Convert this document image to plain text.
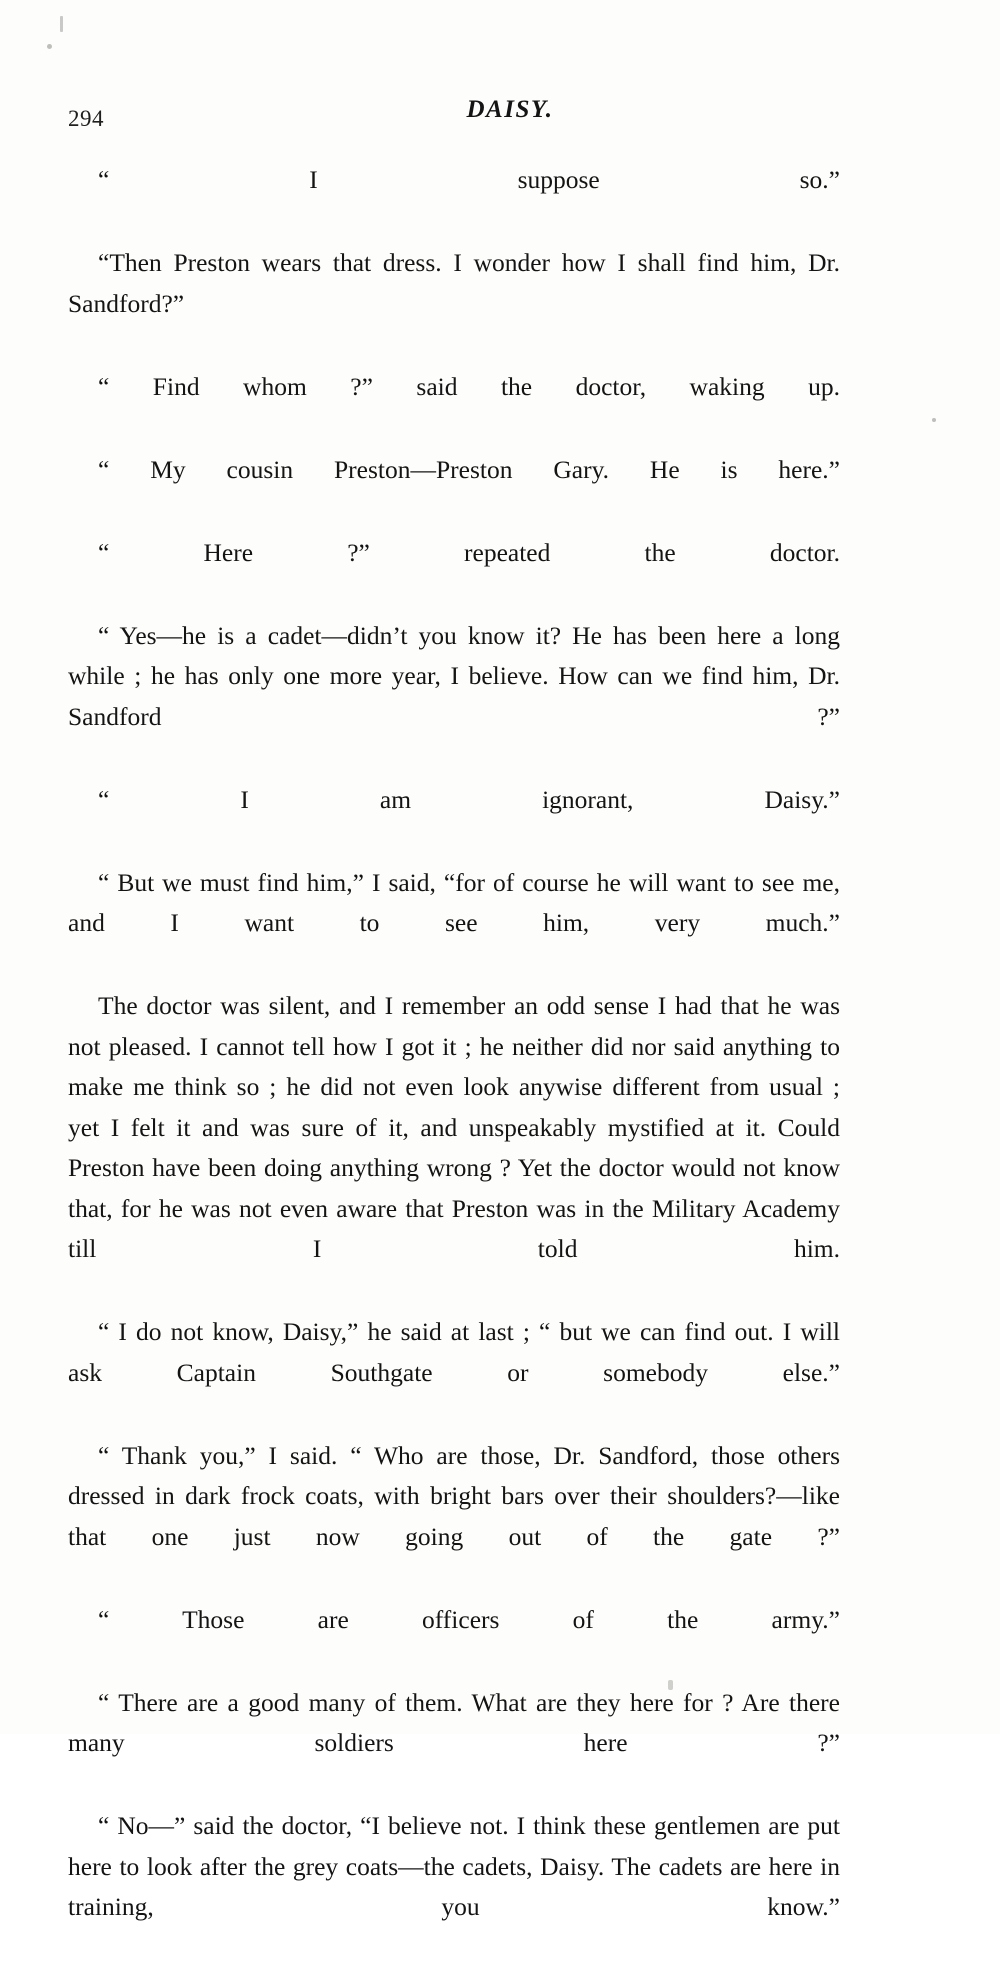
294	DAISY.

“ I suppose so.”

“Then Preston wears that dress. I wonder how I shall find him, Dr. Sandford?”

“ Find whom ?” said the doctor, waking up.

“ My cousin Preston—Preston Gary. He is here.”

“ Here ?” repeated the doctor.

“ Yes—he is a cadet—didn’t you know it? He has been here a long while ; he has only one more year, I believe. How can we find him, Dr. Sandford ?”

“ I am ignorant, Daisy.”

“ But we must find him,” I said, “for of course he will want to see me, and I want to see him, very much.”

The doctor was silent, and I remember an odd sense I had that he was not pleased. I cannot tell how I got it ; he neither did nor said anything to make me think so ; he did not even look anywise different from usual ; yet I felt it and was sure of it, and unspeakably mystified at it. Could Preston have been doing anything wrong ? Yet the doctor would not know that, for he was not even aware that Preston was in the Military Academy till I told him.

“ I do not know, Daisy,” he said at last ; “ but we can find out. I will ask Captain Southgate or somebody else.”

“ Thank you,” I said. “ Who are those, Dr. Sandford, those others dressed in dark frock coats, with bright bars over their shoulders?—like that one just now going out of the gate ?”

“ Those are officers of the army.”

“ There are a good many of them. What are they here for ? Are there many soldiers here ?”

“ No—” said the doctor, “I believe not. I think these gentlemen are put here to look after the grey coats—the cadets, Daisy. The cadets are here in training, you know.”
